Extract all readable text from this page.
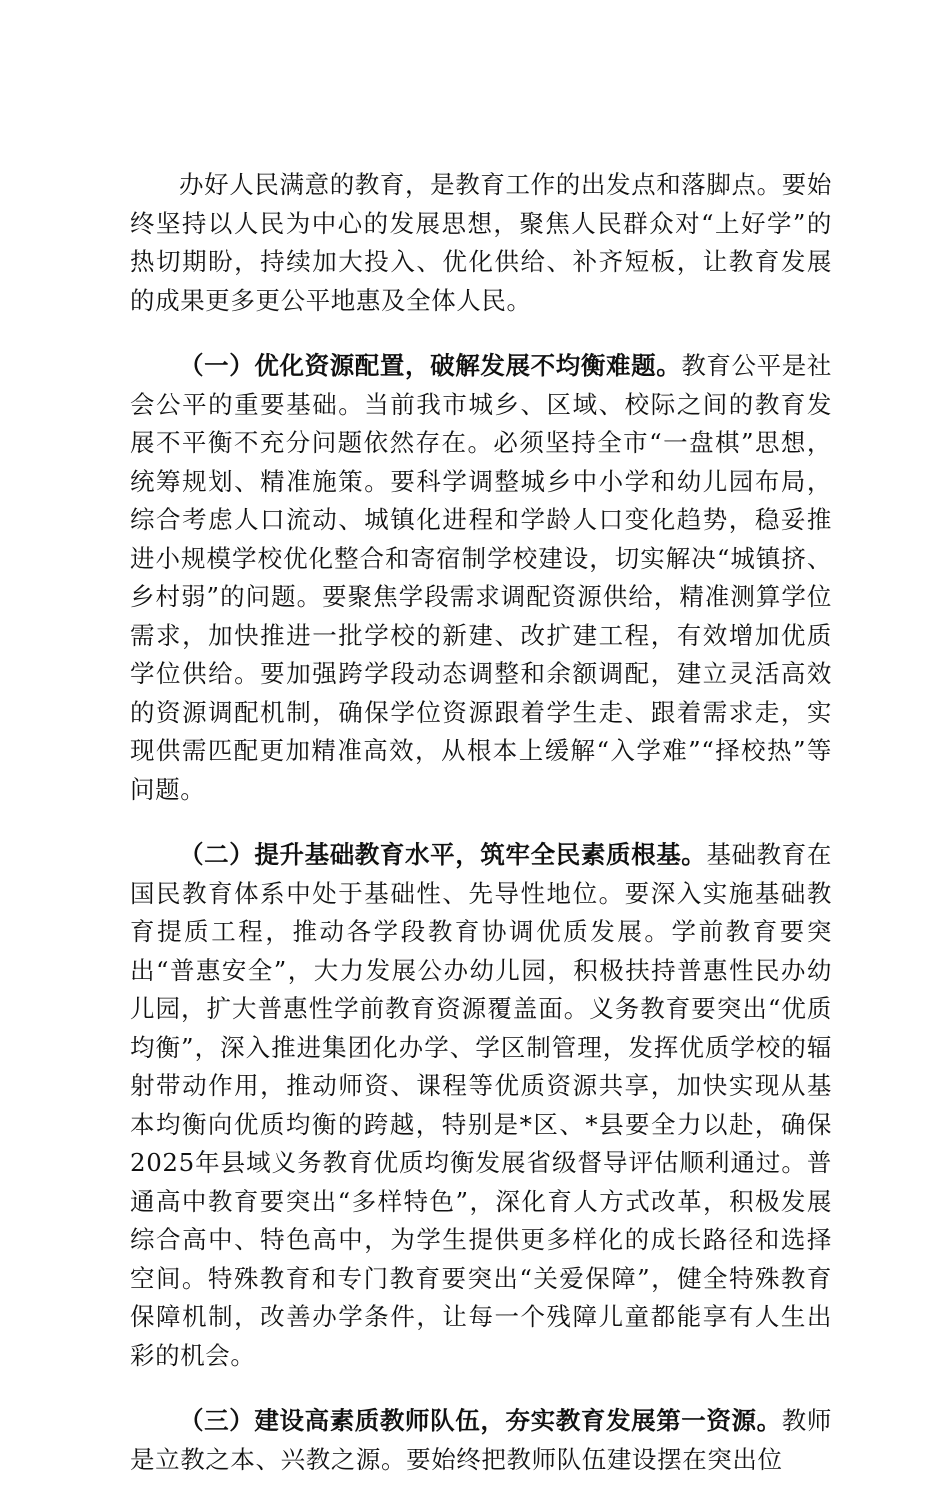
办好人民满意的教育，是教育工作的出发点和落脚点。要始终坚持以人民为中心的发展思想，聚焦人民群众对“上好学”的热切期盼，持续加大投入、优化供给、补齐短板，让教育发展的成果更多更公平地惠及全体人民。

（一）优化资源配置，破解发展不均衡难题。教育公平是社会公平的重要基础。当前我市城乡、区域、校际之间的教育发展不平衡不充分问题依然存在。必须坚持全市“一盘棋”思想，统筹规划、精准施策。要科学调整城乡中小学和幼儿园布局，综合考虑人口流动、城镇化进程和学龄人口变化趋势，稳妥推进小规模学校优化整合和寄宿制学校建设，切实解决“城镇挤、乡村弱”的问题。要聚焦学段需求调配资源供给，精准测算学位需求，加快推进一批学校的新建、改扩建工程，有效增加优质学位供给。要加强跨学段动态调整和余额调配，建立灵活高效的资源调配机制，确保学位资源跟着学生走、跟着需求走，实现供需匹配更加精准高效，从根本上缓解“入学难”“择校热”等问题。

（二）提升基础教育水平，筑牢全民素质根基。基础教育在国民教育体系中处于基础性、先导性地位。要深入实施基础教育提质工程，推动各学段教育协调优质发展。学前教育要突出“普惠安全”，大力发展公办幼儿园，积极扶持普惠性民办幼儿园，扩大普惠性学前教育资源覆盖面。义务教育要突出“优质均衡”，深入推进集团化办学、学区制管理，发挥优质学校的辐射带动作用，推动师资、课程等优质资源共享，加快实现从基本均衡向优质均衡的跨越，特别是*区、*县要全力以赴，确保2025年县域义务教育优质均衡发展省级督导评估顺利通过。普通高中教育要突出“多样特色”，深化育人方式改革，积极发展综合高中、特色高中，为学生提供更多样化的成长路径和选择空间。特殊教育和专门教育要突出“关爱保障”，健全特殊教育保障机制，改善办学条件，让每一个残障儿童都能享有人生出彩的机会。

（三）建设高素质教师队伍，夯实教育发展第一资源。教师是立教之本、兴教之源。要始终把教师队伍建设摆在突出位
